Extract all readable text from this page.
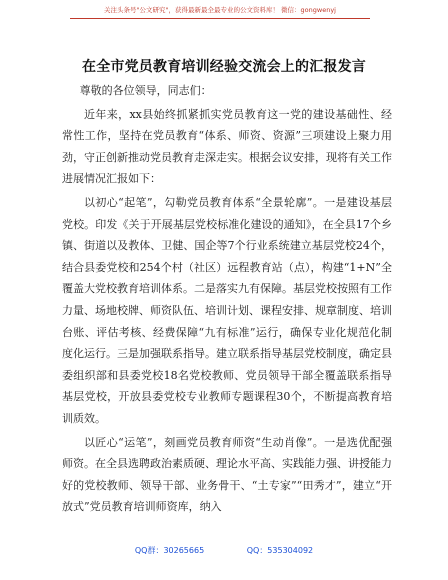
关注头条号"公文研究"，获得最新最全最专业的公文资料库！ 微信：gongwenyj
在全市党员教育培训经验交流会上的汇报发言

尊敬的各位领导，同志们：

近年来，xx县始终抓紧抓实党员教育这一党的建设基础性、经常性工作，坚持在党员教育“体系、师资、资源”三项建设上聚力用劲，守正创新推动党员教育走深走实。根据会议安排，现将有关工作进展情况汇报如下：

以初心“起笔”，勾勒党员教育体系“全景轮廓”。一是建设基层党校。印发《关于开展基层党校标准化建设的通知》，在全县17个乡镇、街道以及教体、卫健、国企等7个行业系统建立基层党校24个，结合县委党校和254个村（社区）远程教育站（点），构建“1+N”全覆盖大党校教育培训体系。二是落实九有保障。基层党校按照有工作力量、场地校牌、师资队伍、培训计划、课程安排、规章制度、培训台账、评估考核、经费保障“九有标准”运行，确保专业化规范化制度化运行。三是加强联系指导。建立联系指导基层党校制度，确定县委组织部和县委党校18名党校教师、党员领导干部全覆盖联系指导基层党校，开放县委党校专业教师专题课程30个，不断提高教育培训质效。

以匠心“运笔”，刻画党员教育师资“生动肖像”。一是选优配强师资。在全县选聘政治素质硬、理论水平高、实践能力强、讲授能力好的党校教师、领导干部、业务骨干、“土专家”“田秀才”，建立“开放式”党员教育培训师资库，纳入

QQ群：30265665	QQ：535304092
